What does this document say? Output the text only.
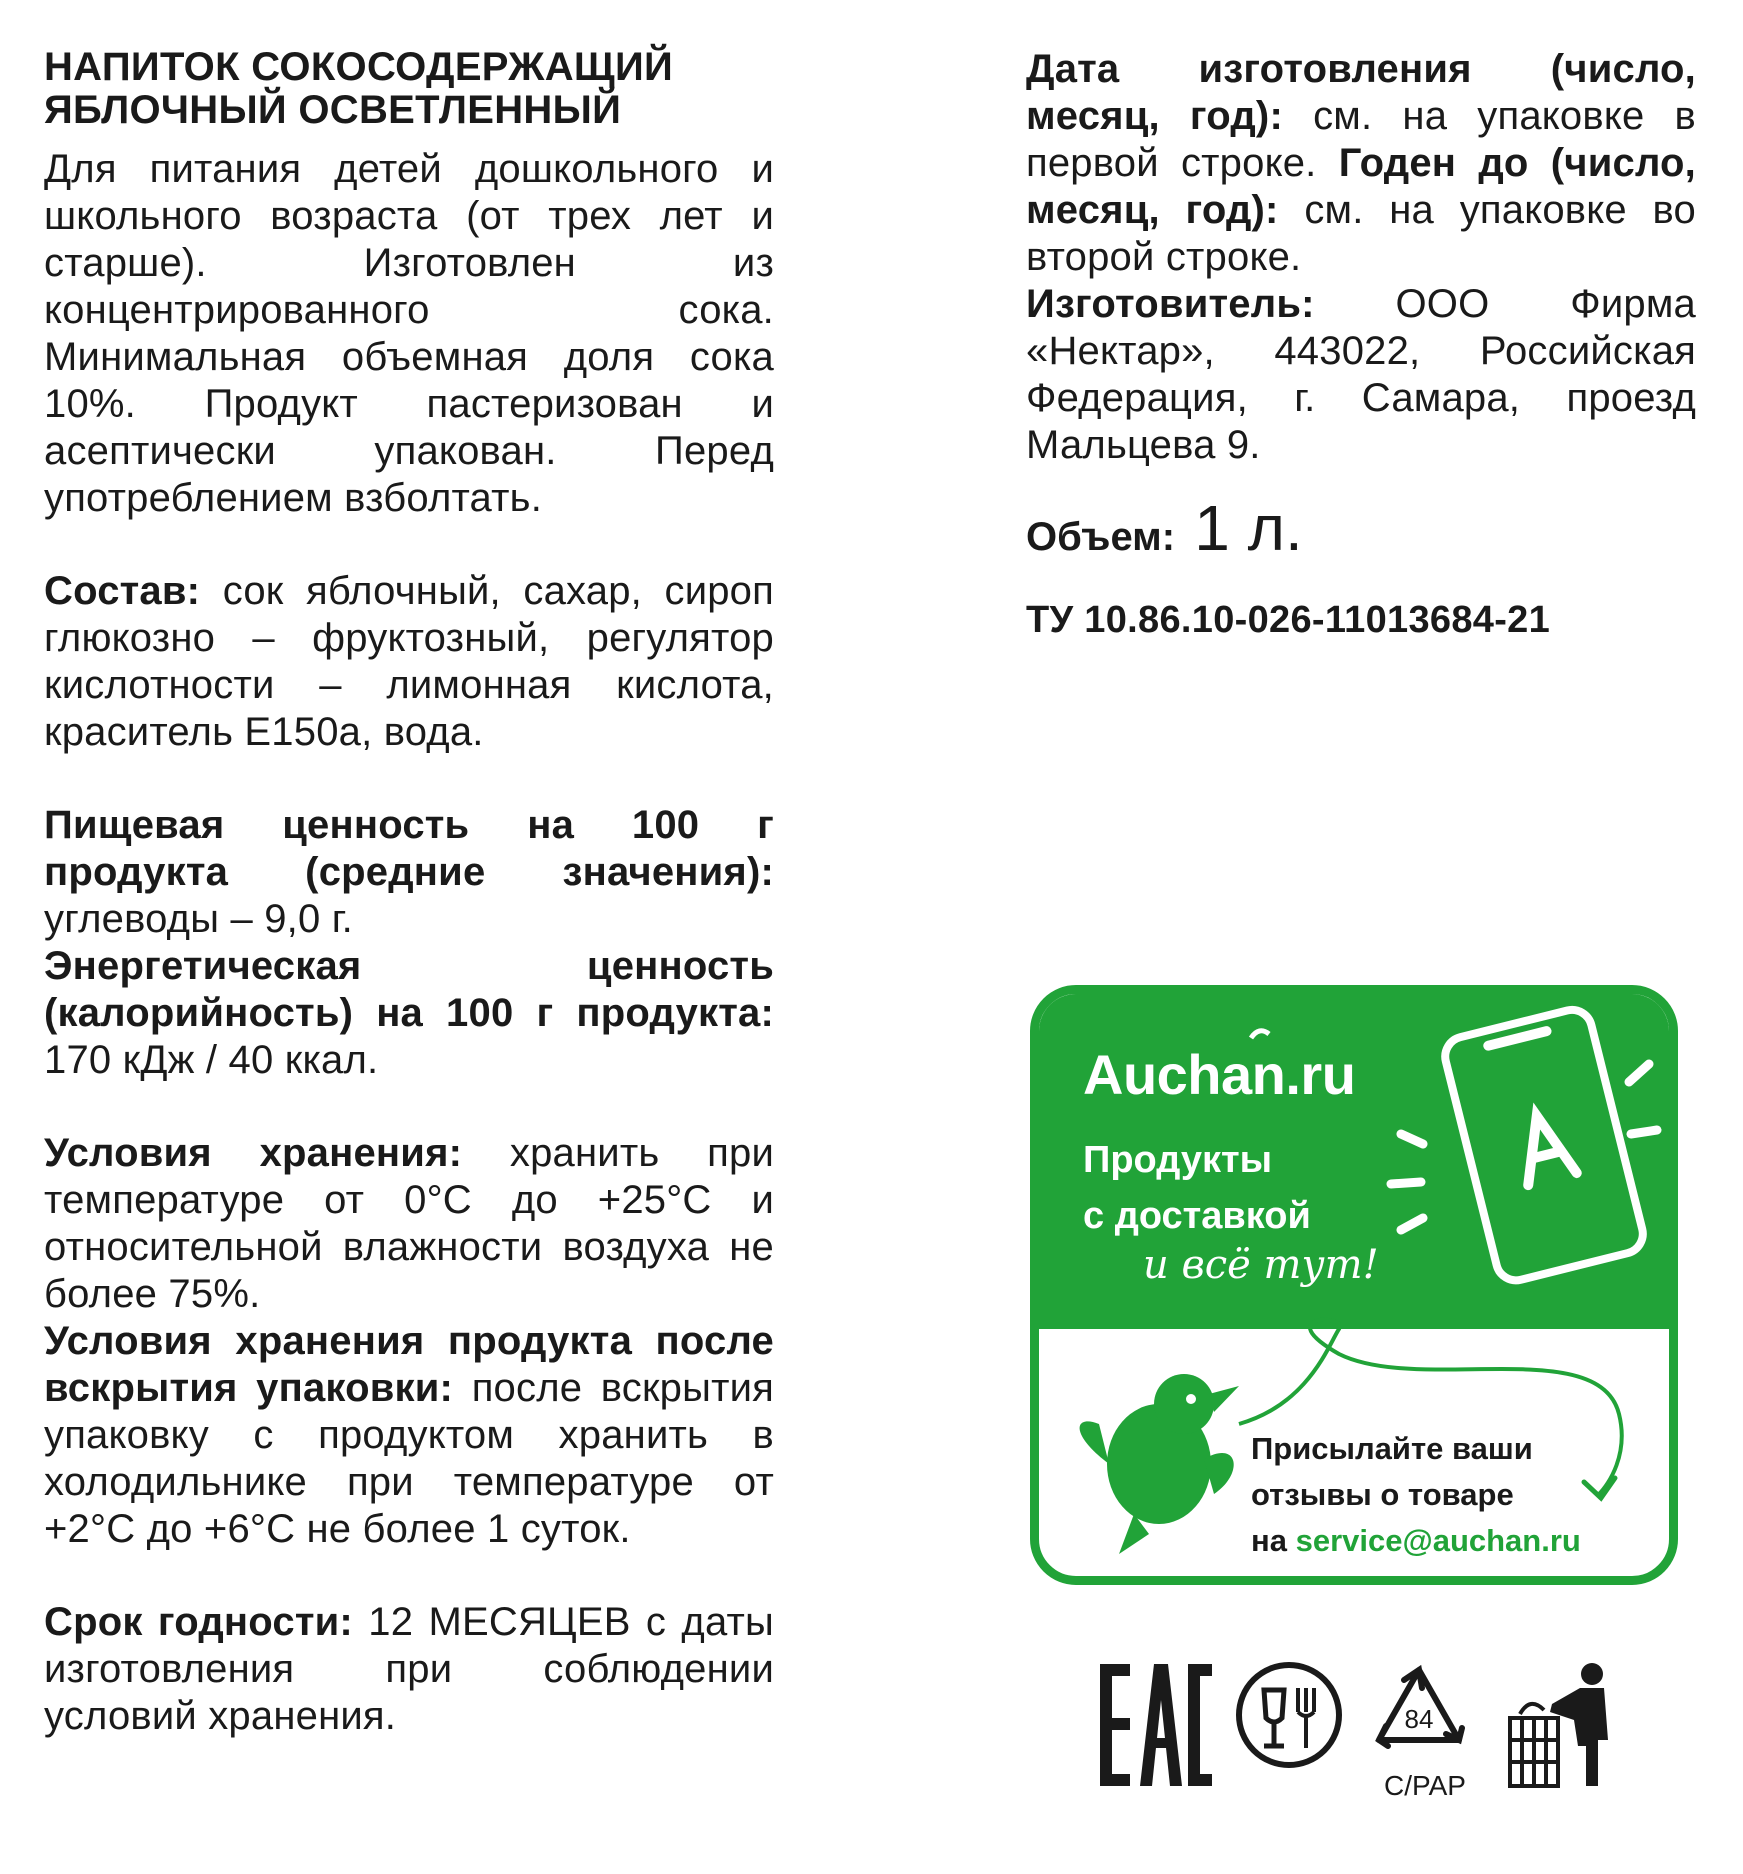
НАПИТОК СОКОСОДЕРЖАЩИЙ
ЯБЛОЧНЫЙ ОСВЕТЛЕННЫЙ

Для питания детей дошкольного и школьного возраста (от трех лет и старше). Изготовлен из концентрированного сока. Минимальная объемная доля сока 10%. Продукт пастеризован и асептически упакован. Перед употреблением взболтать.

Состав: сок яблочный, сахар, сироп глюкозно – фруктозный, регулятор кислотности – лимонная кислота, краситель Е150а, вода.

Пищевая ценность на 100 г продукта (средние значения): углеводы – 9,0 г.
Энергетическая ценность (калорийность) на 100 г продукта: 170 кДж / 40 ккал.

Условия хранения: хранить при температуре от 0°С до +25°С и относительной влажности воздуха не более 75%.
Условия хранения продукта после вскрытия упаковки: после вскрытия упаковку с продуктом хранить в холодильнике при температуре от +2°С до +6°С не более 1 суток.

Срок годности: 12 МЕСЯЦЕВ с даты изготовления при соблюдении условий хранения.

Дата изготовления (число, месяц, год): см. на упаковке в первой строке. Годен до (число, месяц, год): см. на упаковке во второй строке.
Изготовитель: ООО Фирма «Нектар», 443022, Российская Федерация, г. Самара, проезд Мальцева 9.

Объем: 1 л.
ТУ 10.86.10-026-11013684-21
Auchan.ru
Продукты
с доставкой
и всё тут!
Присылайте ваши
отзывы о товаре
на service@auchan.ru
84
C/PAP
